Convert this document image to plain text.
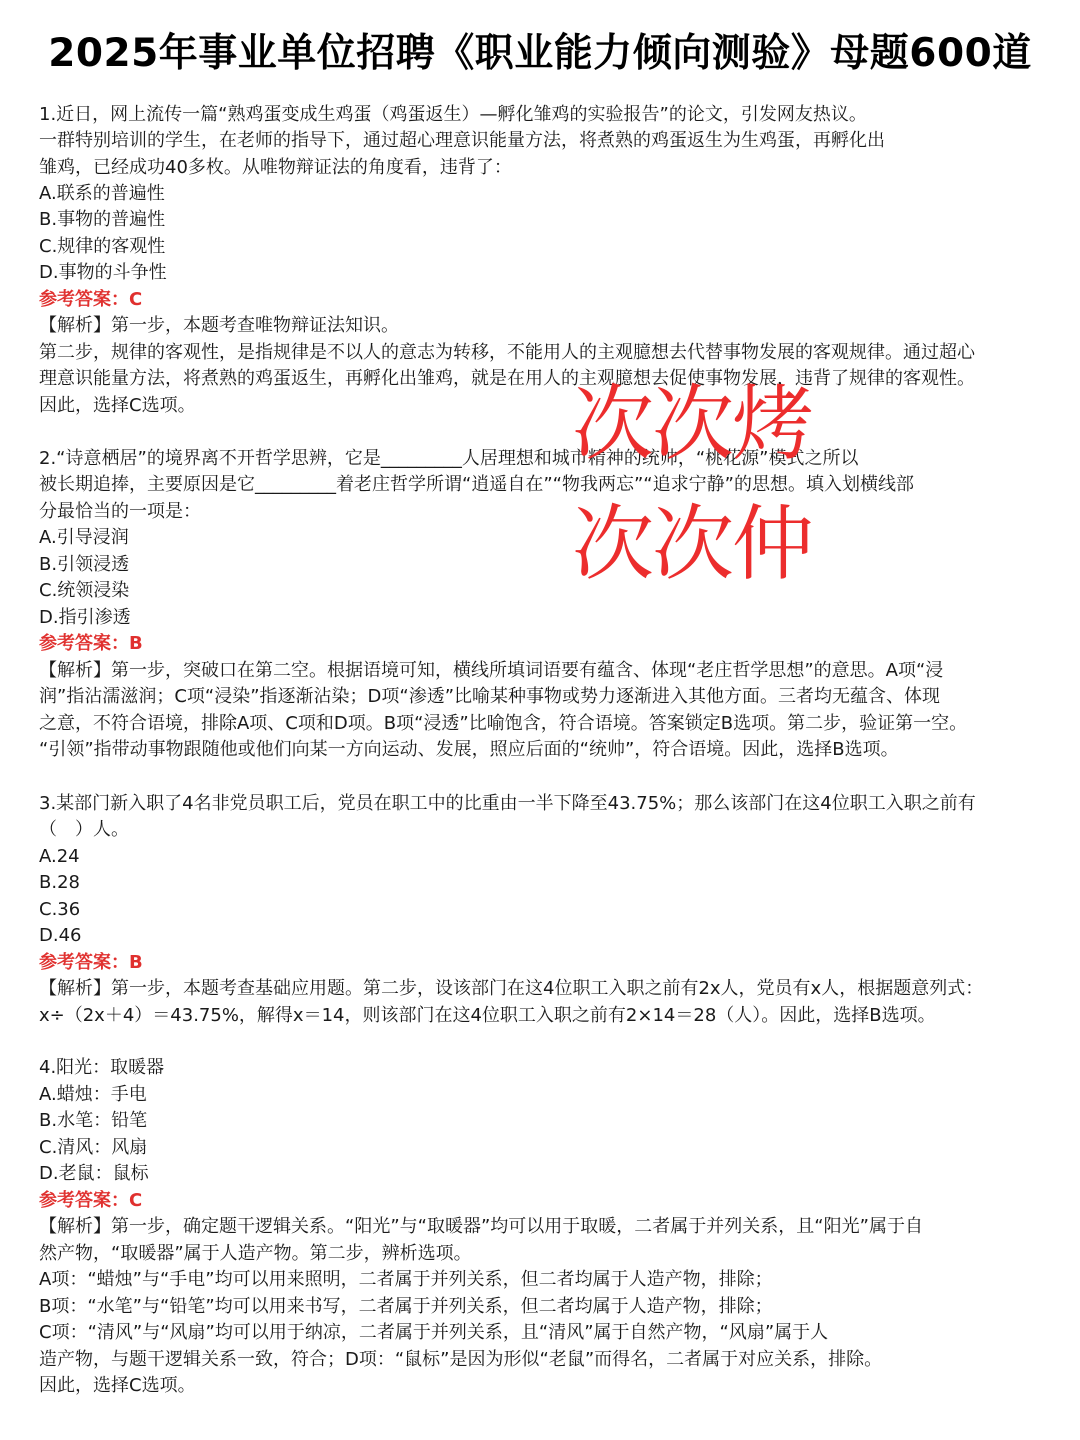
2025年事业单位招聘《职业能力倾向测验》母题600道
1.近日，网上流传一篇“熟鸡蛋变成生鸡蛋（鸡蛋返生）—孵化雏鸡的实验报告”的论文，引发网友热议。
一群特别培训的学生，在老师的指导下，通过超心理意识能量方法，将煮熟的鸡蛋返生为生鸡蛋，再孵化出
雏鸡，已经成功40多枚。从唯物辩证法的角度看，违背了：
A.联系的普遍性
B.事物的普遍性
C.规律的客观性
D.事物的斗争性
参考答案：C
【解析】第一步，本题考查唯物辩证法知识。
第二步，规律的客观性，是指规律是不以人的意志为转移，不能用人的主观臆想去代替事物发展的客观规律。通过超心
理意识能量方法，将煮熟的鸡蛋返生，再孵化出雏鸡，就是在用人的主观臆想去促使事物发展，违背了规律的客观性。
因此，选择C选项。
2.“诗意栖居”的境界离不开哲学思辨，它是_________人居理想和城市精神的统帅，“桃花源”模式之所以
被长期追捧，主要原因是它_________着老庄哲学所谓“逍遥自在”“物我两忘”“追求宁静”的思想。填入划横线部
分最恰当的一项是：
A.引导浸润
B.引领浸透
C.统领浸染
D.指引渗透
参考答案：B
【解析】第一步，突破口在第二空。根据语境可知，横线所填词语要有蕴含、体现“老庄哲学思想”的意思。A项“浸
润”指沾濡滋润；C项“浸染”指逐渐沾染；D项“渗透”比喻某种事物或势力逐渐进入其他方面。三者均无蕴含、体现
之意，不符合语境，排除A项、C项和D项。B项“浸透”比喻饱含，符合语境。答案锁定B选项。第二步，验证第一空。
“引领”指带动事物跟随他或他们向某一方向运动、发展，照应后面的“统帅”，符合语境。因此，选择B选项。
3.某部门新入职了4名非党员职工后，党员在职工中的比重由一半下降至43.75%；那么该部门在这4位职工入职之前有
（　）人。
A.24
B.28
C.36
D.46
参考答案：B
【解析】第一步，本题考查基础应用题。第二步，设该部门在这4位职工入职之前有2x人，党员有x人，根据题意列式：
x÷（2x＋4）＝43.75%，解得x＝14，则该部门在这4位职工入职之前有2×14＝28（人）。因此，选择B选项。
4.阳光：取暖器
A.蜡烛：手电
B.水笔：铅笔
C.清风：风扇
D.老鼠：鼠标
参考答案：C
【解析】第一步，确定题干逻辑关系。“阳光”与“取暖器”均可以用于取暖，二者属于并列关系，且“阳光”属于自
然产物，“取暖器”属于人造产物。第二步，辨析选项。
A项：“蜡烛”与“手电”均可以用来照明，二者属于并列关系，但二者均属于人造产物，排除；
B项：“水笔”与“铅笔”均可以用来书写，二者属于并列关系，但二者均属于人造产物，排除；
C项：“清风”与“风扇”均可以用于纳凉，二者属于并列关系，且“清风”属于自然产物，“风扇”属于人
造产物，与题干逻辑关系一致，符合；D项：“鼠标”是因为形似“老鼠”而得名，二者属于对应关系，排除。
因此，选择C选项。
次次烤
次次仲
